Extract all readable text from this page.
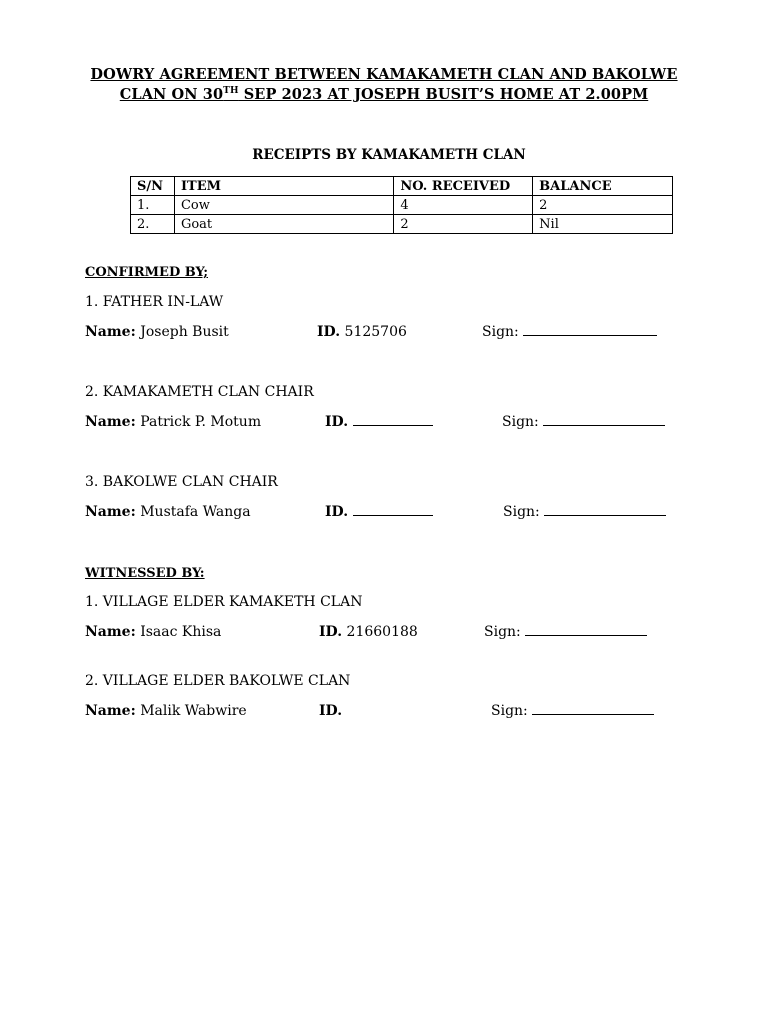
DOWRY AGREEMENT BETWEEN KAMAKAMETH CLAN AND BAKOLWE
CLAN ON 30TH SEP 2023 AT JOSEPH BUSIT’S HOME AT 2.00PM
RECEIPTS BY KAMAKAMETH CLAN
S/N	ITEM	NO. RECEIVED	BALANCE
1.	Cow	4	2
2.	Goat	2	Nil
CONFIRMED BY;
1. FATHER IN-LAW
Name: Joseph Busit	ID. 5125706	Sign:
2. KAMAKAMETH CLAN CHAIR
Name: Patrick P. Motum	ID.	Sign:
3. BAKOLWE CLAN CHAIR
Name: Mustafa Wanga	ID.	Sign:
WITNESSED BY:
1. VILLAGE ELDER KAMAKETH CLAN
Name: Isaac Khisa	ID. 21660188	Sign:
2. VILLAGE ELDER BAKOLWE CLAN
Name: Malik Wabwire	ID.	Sign:
